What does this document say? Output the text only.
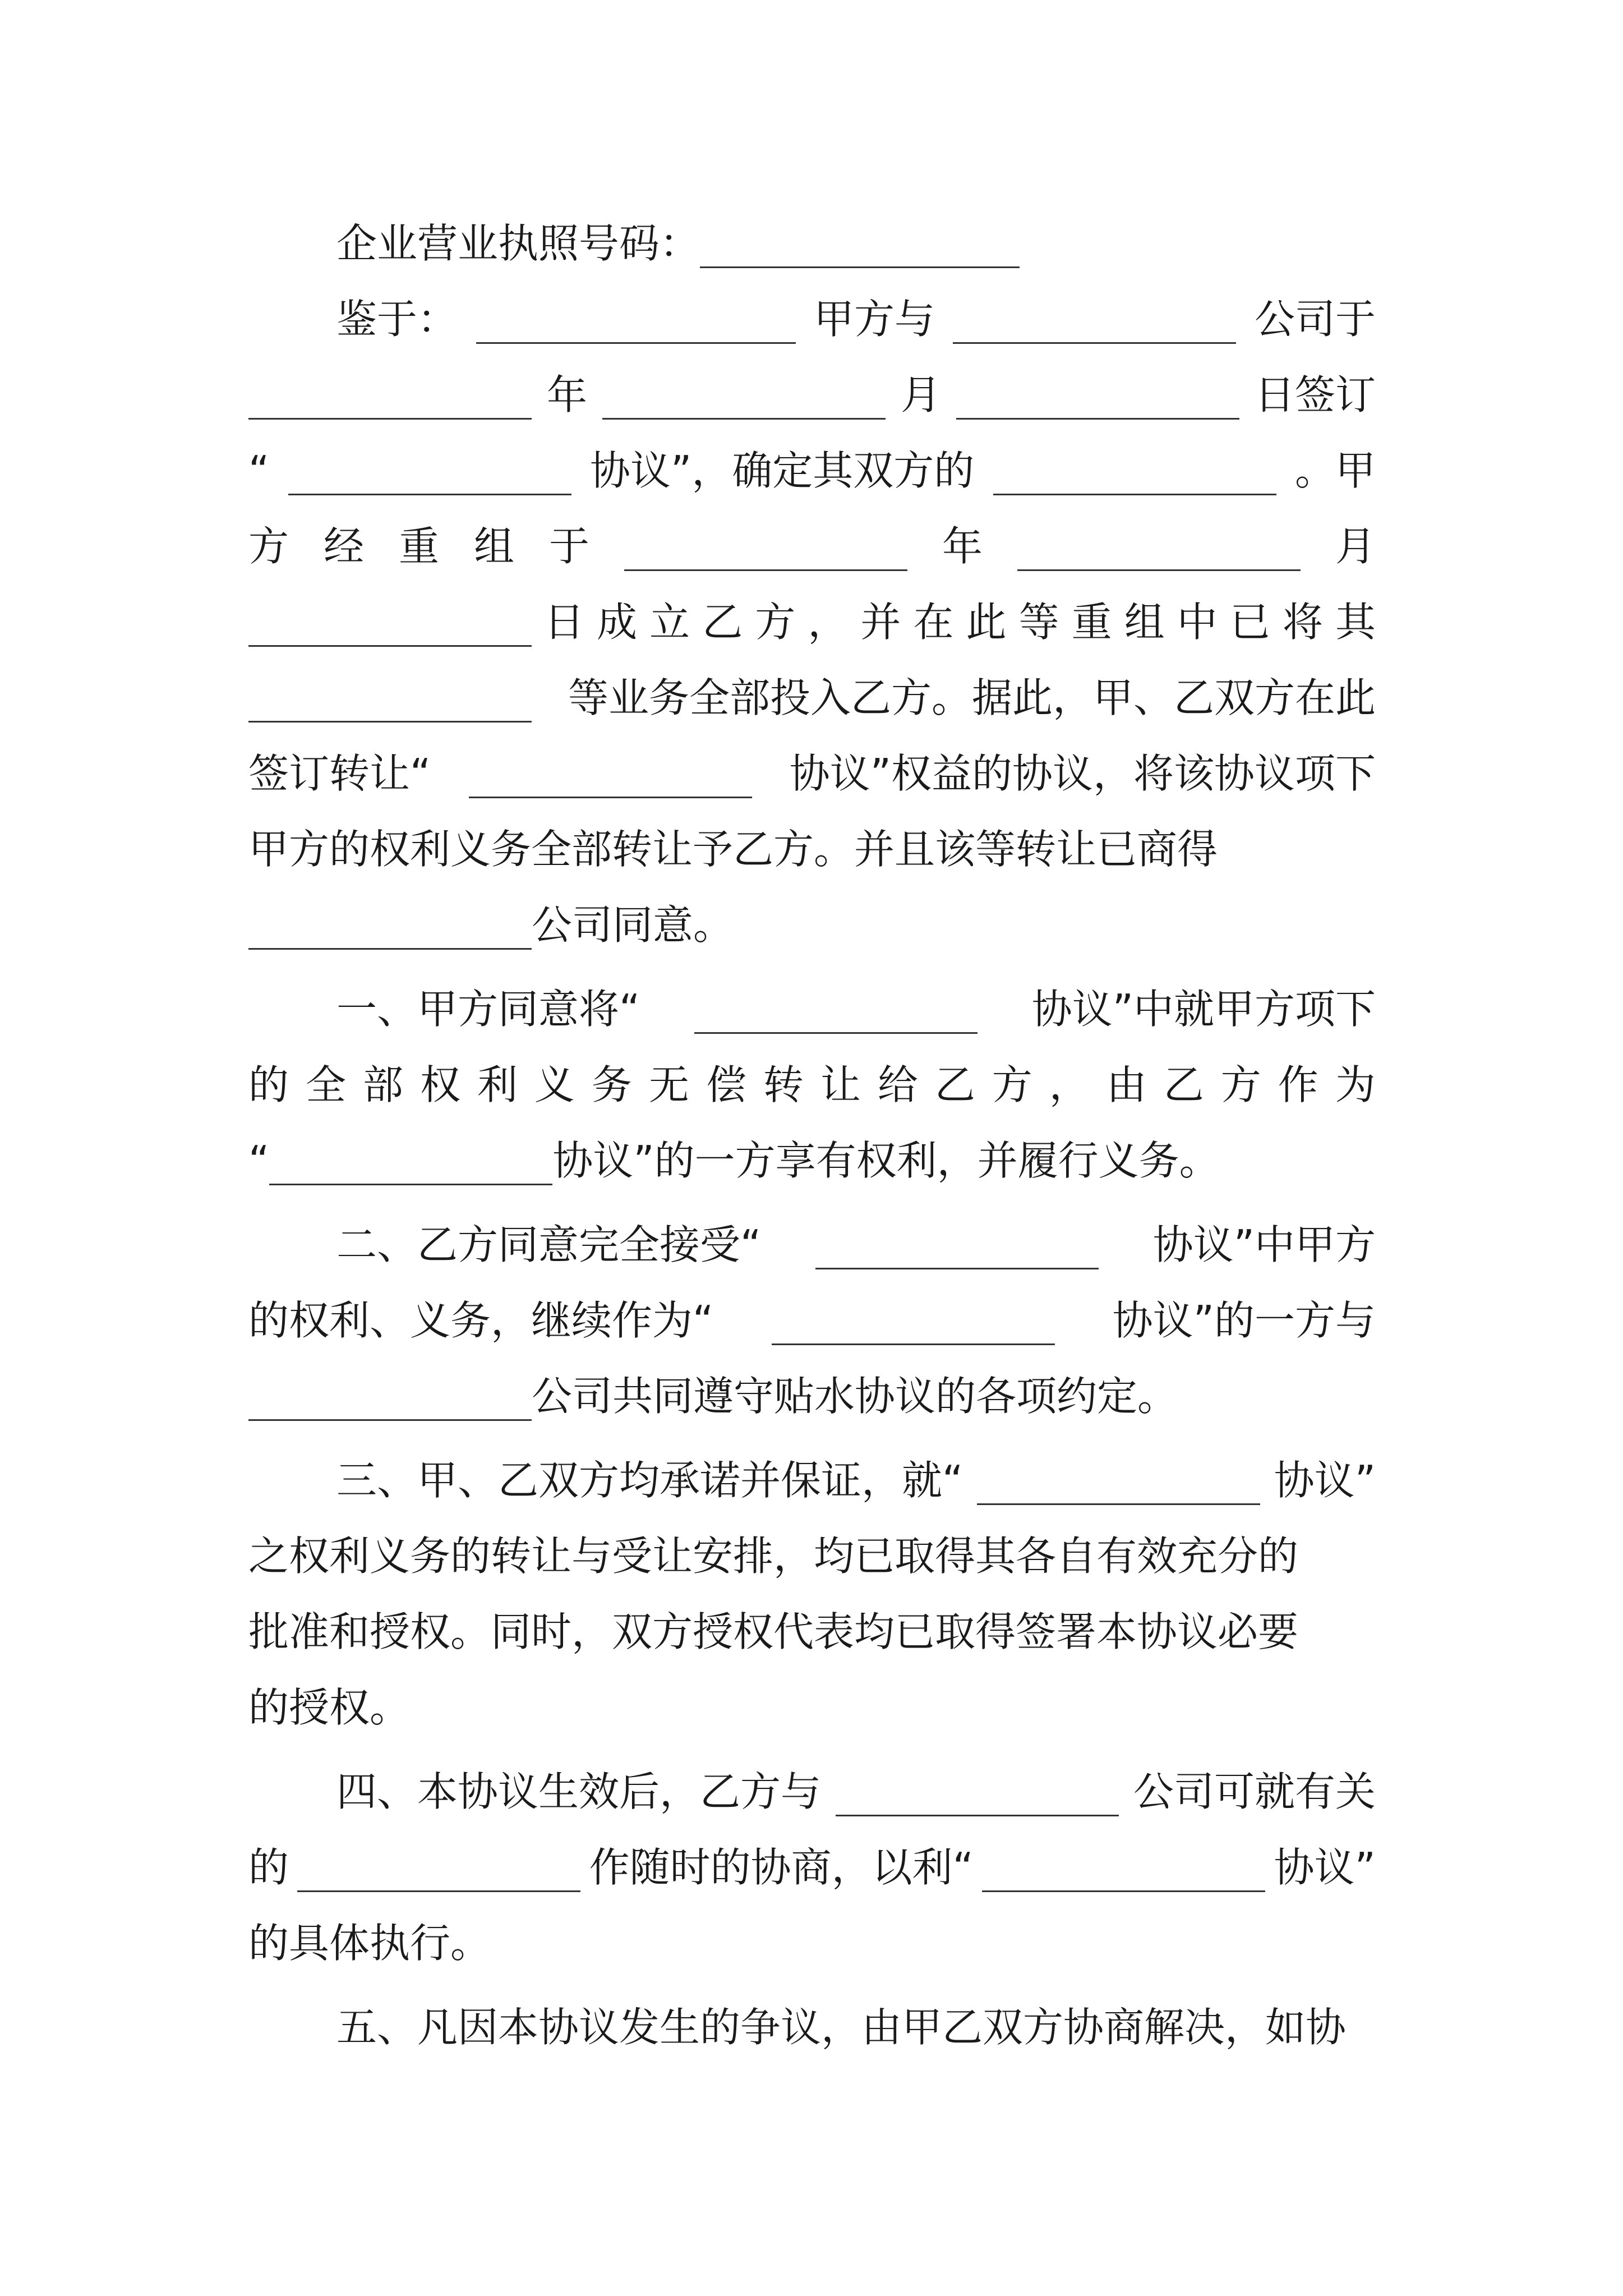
企业营业执照号码：
鉴于：	甲方与	公司于
年	月	日签订
“	协议”，确定其双方的	。甲
方 经 重 组 于	年	月
日 成 立 乙 方 ， 并 在 此 等 重 组 中 已 将 其
等业务全部投入乙方。据此，甲、乙双方在此
签订转让“	协议”权益的协议，将该协议项下
甲方的权利义务全部转让予乙方。并且该等转让已商得
公司同意。
一、甲方同意将“	协议”中就甲方项下
的 全 部 权 利 义 务 无 偿 转 让 给 乙 方 ， 由 乙 方 作 为
“	协议”的一方享有权利，并履行义务。
二、乙方同意完全接受“	协议”中甲方
的权利、义务，继续作为“	协议”的一方与
公司共同遵守贴水协议的各项约定。
三、甲、乙双方均承诺并保证，就“	协议”
之权利义务的转让与受让安排，均已取得其各自有效充分的
批准和授权。同时，双方授权代表均已取得签署本协议必要
的授权。
四、本协议生效后，乙方与	公司可就有关
的	作随时的协商，以利“	协议”
的具体执行。
五、凡因本协议发生的争议，由甲乙双方协商解决，如协
